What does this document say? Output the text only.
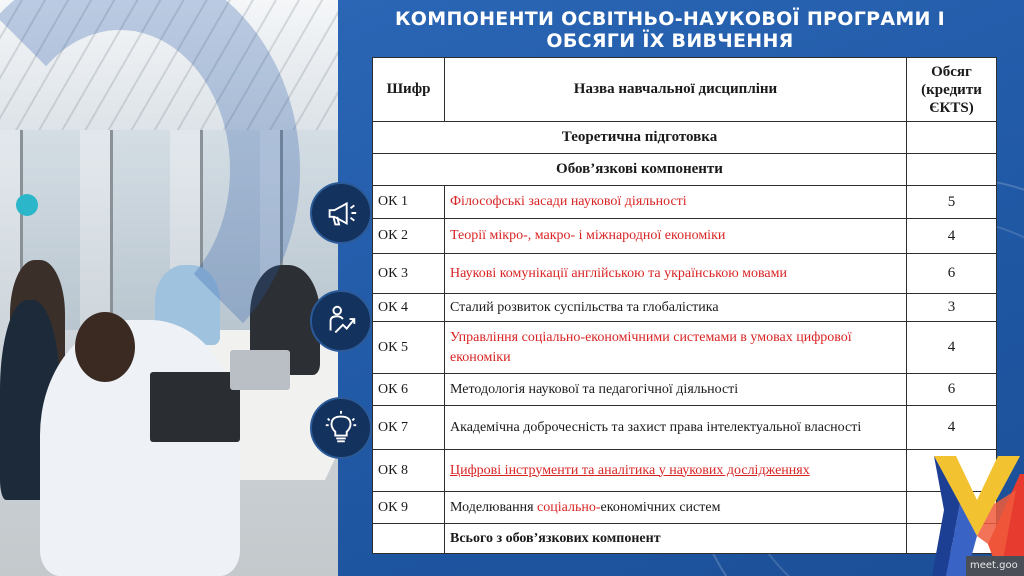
КОМПОНЕНТИ ОСВІТНЬО-НАУКОВОЇ ПРОГРАМИ І
ОБСЯГИ ЇХ ВИВЧЕННЯ
Шифр	Назва навчальної дисципліни	Обсяг (кредити ЄКТS)
Теоретична підготовка		
Обов’язкові компоненти		
ОК 1	Філософські засади наукової діяльності	5
ОК 2	Теорії мікро-, макро- і міжнародної економіки	4
ОК 3	Наукові комунікації англійською та українською мовами	6
ОК 4	Сталий розвиток суспільства та глобалістика	3
ОК 5	Управління соціально-економічними системами в умовах цифрової економіки	4
ОК 6	Методологія наукової та педагогічної діяльності	6
ОК 7	Академічна доброчесність та захист права інтелектуальної власності	4
ОК 8	Цифрові інструменти та аналітика у наукових дослідженнях	
ОК 9	Моделювання соціально-економічних систем	
	Всього з обов’язкових компонент	
meet.goo
